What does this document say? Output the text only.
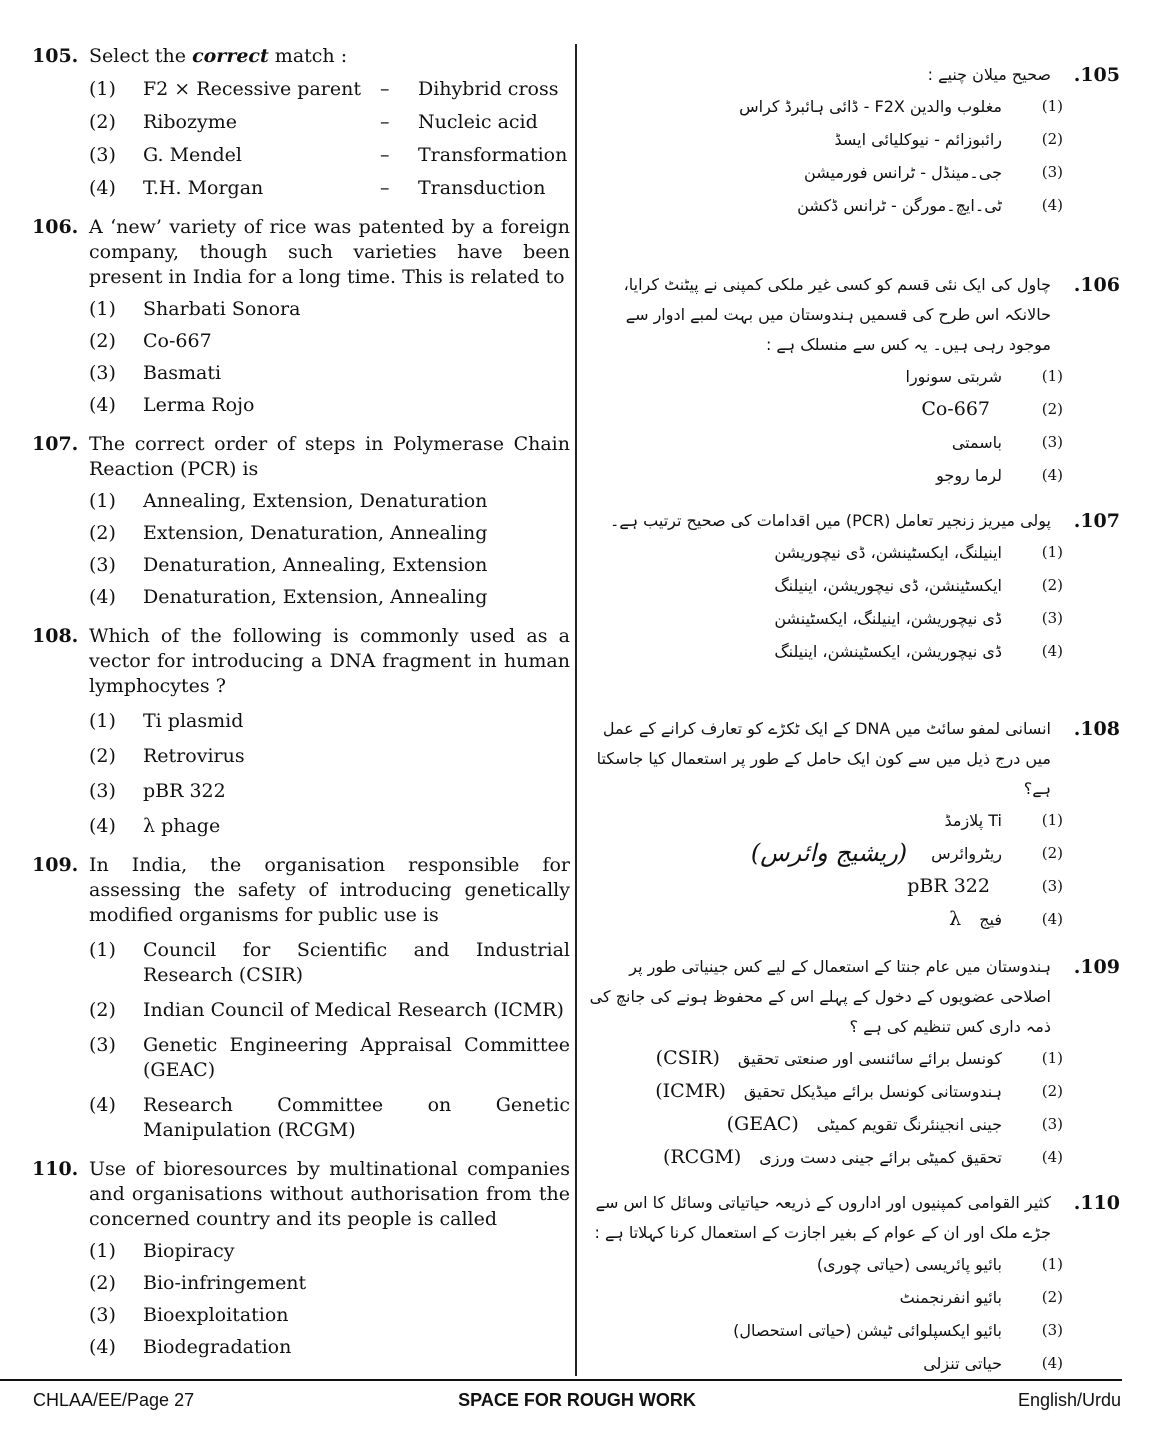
105. Select the correct match :
(1)	F2 × Recessive parent	–	Dihybrid cross
(2)	Ribozyme	–	Nucleic acid
(3)	G. Mendel	–	Transformation
(4)	T.H. Morgan	–	Transduction
106. A ‘new’ variety of rice was patented by a foreign company, though such varieties have been present in India for a long time. This is related to
(1)	Sharbati Sonora
(2)	Co-667
(3)	Basmati
(4)	Lerma Rojo
107. The correct order of steps in Polymerase Chain Reaction (PCR) is
(1)	Annealing, Extension, Denaturation
(2)	Extension, Denaturation, Annealing
(3)	Denaturation, Annealing, Extension
(4)	Denaturation, Extension, Annealing
108. Which of the following is commonly used as a vector for introducing a DNA fragment in human lymphocytes ?
(1)	Ti plasmid
(2)	Retrovirus
(3)	pBR 322
(4)	λ phage
109. In India, the organisation responsible for assessing the safety of introducing genetically modified organisms for public use is
(1)	Council for Scientific and Industrial Research (CSIR)
(2)	Indian Council of Medical Research (ICMR)
(3)	Genetic Engineering Appraisal Committee (GEAC)
(4)	Research Committee on Genetic Manipulation (RCGM)
110. Use of bioresources by multinational companies and organisations without authorisation from the concerned country and its people is called
(1)	Biopiracy
(2)	Bio-infringement
(3)	Bioexploitation
(4)	Biodegradation
.105
صحیح میلان چنیے :
(1)
مغلوب والدین F2X - ڈائی ہائبرڈ کراس
(2)
رائبوزائم - نیوکلیائی ایسڈ
(3)
جی۔مینڈل - ٹرانس فورمیشن
(4)
ٹی۔ایچ۔مورگن - ٹرانس ڈکشن
.106
چاول کی ایک نئی قسم کو کسی غیر ملکی کمپنی نے پیٹنٹ کرایا، حالانکہ اس طرح کی قسمیں ہندوستان میں بہت لمبے ادوار سے موجود رہی ہیں۔ یہ کس سے منسلک ہے :
(1)
شربتی سونورا
(2)
Co-667
(3)
باسمتی
(4)
لرما روجو
.107
پولی میریز زنجیر تعامل (PCR) میں اقدامات کی صحیح ترتیب ہے۔
(1)
اینیلنگ، ایکسٹینشن، ڈی نیچوریشن
(2)
ایکسٹینشن، ڈی نیچوریشن، اینیلنگ
(3)
ڈی نیچوریشن، اینیلنگ، ایکسٹینشن
(4)
ڈی نیچوریشن، ایکسٹینشن، اینیلنگ
.108
انسانی لمفو سائٹ میں DNA کے ایک ٹکڑے کو تعارف کرانے کے عمل میں درج ذیل میں سے کون ایک حامل کے طور پر استعمال کیا جاسکتا ہے؟
(1)
Ti پلازمڈ
(2)
ریٹروائرس
(ریشیج وائرس)
(3)
pBR 322
(4)
فیج
λ
.109
ہندوستان میں عام جنتا کے استعمال کے لیے کس جینیاتی طور پر اصلاحی عضویوں کے دخول کے پہلے اس کے محفوظ ہونے کی جانچ کی ذمہ داری کس تنظیم کی ہے ؟
(1)
کونسل برائے سائنسی اور صنعتی تحقیق
(CSIR)
(2)
ہندوستانی کونسل برائے میڈیکل تحقیق
(ICMR)
(3)
جینی انجینئرنگ تقویم کمیٹی
(GEAC)
(4)
تحقیق کمیٹی برائے جینی دست ورزی
(RCGM)
.110
کثیر القوامی کمپنیوں اور اداروں کے ذریعہ حیاتیاتی وسائل کا اس سے جڑے ملک اور ان کے عوام کے بغیر اجازت کے استعمال کرنا کہلاتا ہے :
(1)
بائیو پائریسی (حیاتی چوری)
(2)
بائیو انفرنجمنٹ
(3)
بائیو ایکسپلوائی ٹیشن (حیاتی استحصال)
(4)
حیاتی تنزلی
CHLAA/EE/Page 27	SPACE FOR ROUGH WORK	English/Urdu
